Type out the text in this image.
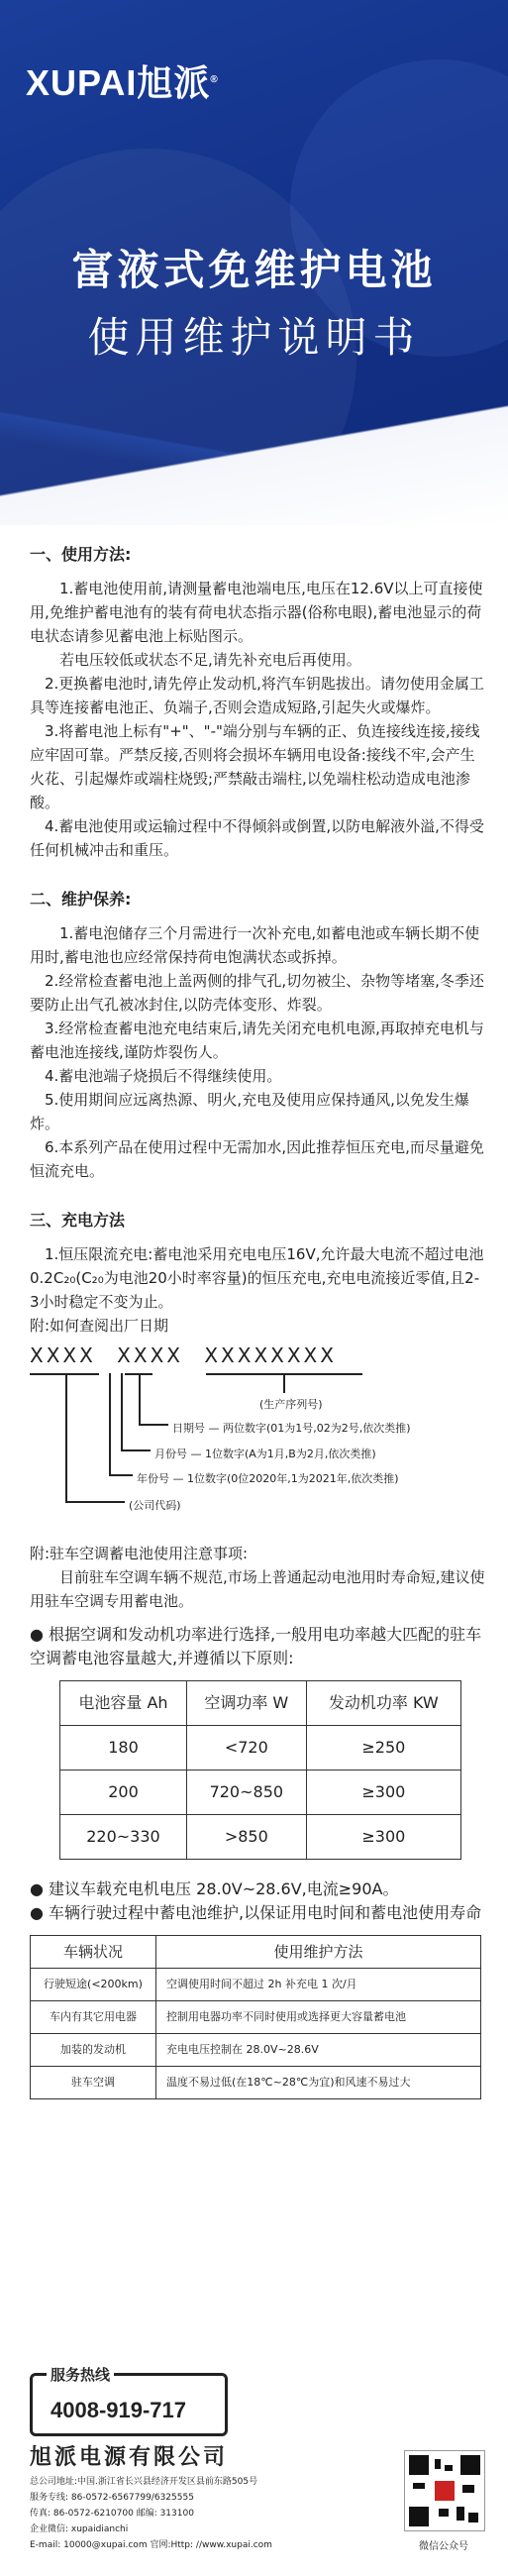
XUPAI旭派®
富液式免维护电池
使用维护说明书
一、使用方法:

1.蓄电池使用前,请测量蓄电池端电压,电压在12.6V以上可直接使用,免维护蓄电池有的装有荷电状态指示器(俗称电眼),蓄电池显示的荷电状态请参见蓄电池上标贴图示。

若电压较低或状态不足,请先补充电后再使用。

2.更换蓄电池时,请先停止发动机,将汽车钥匙拔出。请勿使用金属工具等连接蓄电池正、负端子,否则会造成短路,引起失火或爆炸。

3.将蓄电池上标有"+"、"-"端分别与车辆的正、负连接线连接,接线应牢固可靠。严禁反接,否则将会损坏车辆用电设备:接线不牢,会产生火花、引起爆炸或端柱烧毁;严禁敲击端柱,以免端柱松动造成电池渗酸。

4.蓄电池使用或运输过程中不得倾斜或倒置,以防电解液外溢,不得受任何机械冲击和重压。

二、维护保养:

1.蓄电泡储存三个月需进行一次补充电,如蓄电池或车辆长期不使用时,蓄电池也应经常保持荷电饱满状态或拆掉。

2.经常检查蓄电池上盖两侧的排气孔,切勿被尘、杂物等堵塞,冬季还要防止出气孔被冰封住,以防壳体变形、炸裂。

3.经常检查蓄电池充电结束后,请先关闭充电机电源,再取掉充电机与蓄电池连接线,谨防炸裂伤人。

4.蓄电池端子烧损后不得继续使用。

5.使用期间应远离热源、明火,充电及使用应保持通风,以免发生爆炸。

6.本系列产品在使用过程中无需加水,因此推荐恒压充电,而尽量避免恒流充电。

三、充电方法

1.恒压限流充电:蓄电池采用充电电压16V,允许最大电流不超过电池0.2C₂₀(C₂₀为电池20小时率容量)的恒压充电,充电电流接近零值,且2-3小时稳定不变为止。

附:如何查阅出厂日期

XXXX XXXX XXXXXXXX
(生产序列号)
日期号 — 两位数字(01为1号,02为2号,依次类推)
月份号 — 1位数字(A为1月,B为2月,依次类推)
年份号 — 1位数字(0位2020年,1为2021年,依次类推)
(公司代码)

附:驻车空调蓄电池使用注意事项:

目前驻车空调车辆不规范,市场上普通起动电池用时寿命短,建议使用驻车空调专用蓄电池。

● 根据空调和发动机功率进行选择,一般用电功率越大匹配的驻车空调蓄电池容量越大,并遵循以下原则:

电池容量 Ah	空调功率 W	发动机功率 KW
180	<720	≥250
200	720~850	≥300
220~330	>850	≥300

● 建议车载充电机电压 28.0V~28.6V,电流≥90A。

● 车辆行驶过程中蓄电池维护,以保证用电时间和蓄电池使用寿命

车辆状况	使用维护方法
行驶短途(<200km)	空调使用时间不超过 2h 补充电 1 次/月
车内有其它用电器	控制用电器功率不同时使用或选择更大容量蓄电池
加装的发动机	充电电压控制在 28.0V~28.6V
驻车空调	温度不易过低(在18℃~28℃为宜)和风速不易过大
服务热线
4008-919-717
旭派电源有限公司
总公司地址:中国.浙江省长兴县经济开发区县前东路505号
服务专线: 86-0572-6567799/6325555
传真: 86-0572-6210700 邮编: 313100
企业微信: xupaidianchi
E-mail: 10000@xupai.com 官网:Http: //www.xupai.com	微信公众号
